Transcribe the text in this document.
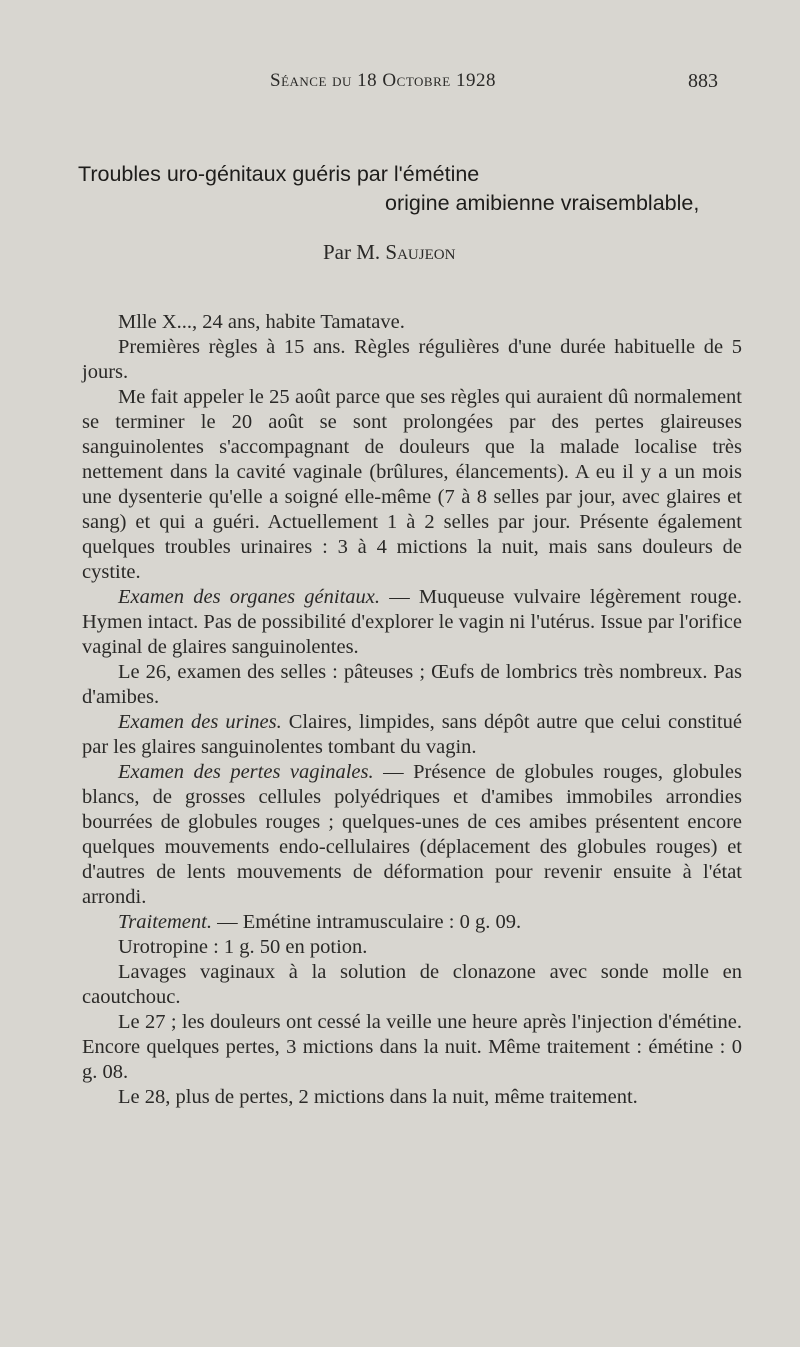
Séance du 18 Octobre 1928	883
Troubles uro-génitaux guéris par l'émétine
origine amibienne vraisemblable,
Par M. Saujeon

Mlle X..., 24 ans, habite Tamatave.

Premières règles à 15 ans. Règles régulières d'une durée habituelle de 5 jours.

Me fait appeler le 25 août parce que ses règles qui auraient dû normalement se terminer le 20 août se sont prolongées par des pertes glaireuses sanguinolentes s'accompagnant de douleurs que la malade localise très nettement dans la cavité vaginale (brûlures, élancements). A eu il y a un mois une dysenterie qu'elle a soigné elle-même (7 à 8 selles par jour, avec glaires et sang) et qui a guéri. Actuellement 1 à 2 selles par jour. Présente également quelques troubles urinaires : 3 à 4 mictions la nuit, mais sans douleurs de cystite.

Examen des organes génitaux. — Muqueuse vulvaire légèrement rouge. Hymen intact. Pas de possibilité d'explorer le vagin ni l'utérus. Issue par l'orifice vaginal de glaires sanguinolentes.

Le 26, examen des selles : pâteuses ; Œufs de lombrics très nombreux. Pas d'amibes.

Examen des urines. Claires, limpides, sans dépôt autre que celui constitué par les glaires sanguinolentes tombant du vagin.

Examen des pertes vaginales. — Présence de globules rouges, globules blancs, de grosses cellules polyédriques et d'amibes immobiles arrondies bourrées de globules rouges ; quelques-unes de ces amibes présentent encore quelques mouvements endo-cellulaires (déplacement des globules rouges) et d'autres de lents mouvements de déformation pour revenir ensuite à l'état arrondi.

Traitement. — Emétine intramusculaire : 0 g. 09.

Urotropine : 1 g. 50 en potion.

Lavages vaginaux à la solution de clonazone avec sonde molle en caoutchouc.

Le 27 ; les douleurs ont cessé la veille une heure après l'injection d'émétine. Encore quelques pertes, 3 mictions dans la nuit. Même traitement : émétine : 0 g. 08.

Le 28, plus de pertes, 2 mictions dans la nuit, même traitement.
